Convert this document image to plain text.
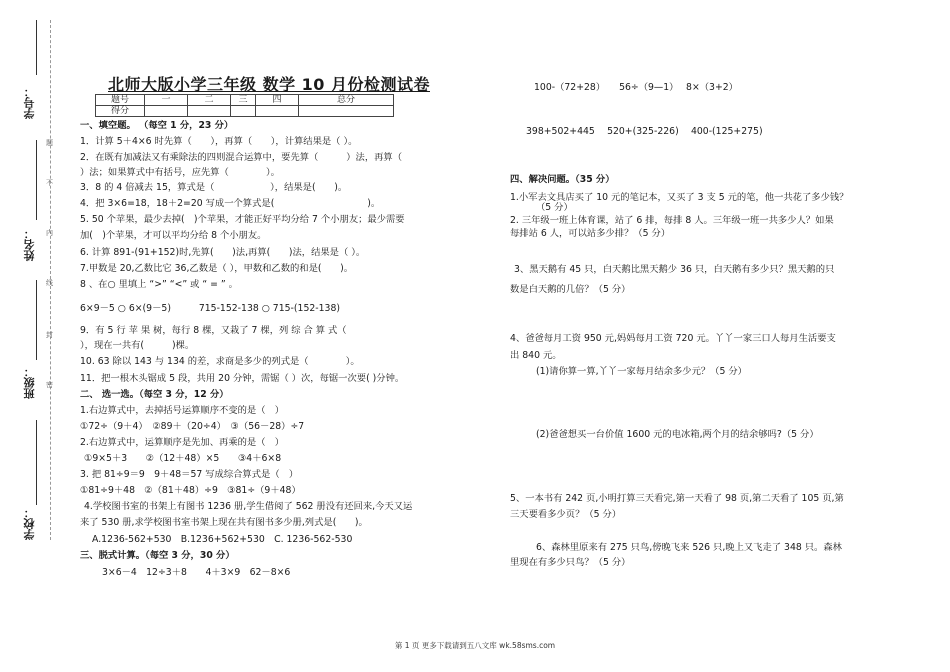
学号：
姓名：
班级：
学校：
题
不
内
线
封
密
北师大版小学三年级 数学 10 月份检测试卷
题号	一	二	三	四	总分
得分					
一、填空题。 （每空 1 分，23 分）
1．计算 5＋4×6 时先算（　　），再算（　　），计算结果是（ ）。
2．在既有加减法又有乘除法的四则混合运算中，要先算（　　　）法，再算（
）法；如果算式中有括号，应先算（　　　　）。
3．8 的 4 倍减去 15，算式是（　　　　　　），结果是(　　)。
4．把 3×6=18，18＋2=20 写成一个算式是(　　　　　　　　　　)。
5. 50 个苹果，最少去掉(　)个苹果，才能正好平均分给 7 个小朋友；最少需要
加(　)个苹果，才可以平均分给 8 个小朋友。
6. 计算 891-(91+152)时,先算(　　)法,再算(　　)法，结果是（ ）。
7.甲数是 20,乙数比它 36,乙数是（ ），甲数和乙数的和是(　　)。
8 、在○ 里填上 “>” “<” 或 “ = ” 。
6×9－5 ○ 6×(9－5)　　　715-152-138 ○ 715-(152-138)
9．有 5 行 苹 果 树，每行 8 棵，又栽了 7 棵，列 综 合 算 式（
），现在一共有(　　　)棵。
10. 63 除以 143 与 134 的差，求商是多少的列式是（　　　　）。
11．把一根木头锯成 5 段，共用 20 分钟，需锯（ ）次，每锯一次要( )分钟。
二、 选一选。（每空 3 分，12 分）
1.右边算式中，去掉括号运算顺序不变的是（　）
①72÷（9＋4）　②89＋（20÷4）　③（56－28）÷7
2.右边算式中，运算顺序是先加、再乘的是（　）
①9×5＋3　　②（12＋48）×5　　③4＋6×8
3. 把 81÷9＝9　9＋48＝57 写成综合算式是（　）
①81÷9＋48　②（81＋48）÷9　③81÷（9＋48）
4.学校图书室的书架上有图书 1236 册,学生借阅了 562 册没有还回来,今天又运
来了 530 册,求学校图书室书架上现在共有图书多少册,列式是(　　)。
A.1236-562+530　B.1236+562+530　C. 1236-562-530
三、脱式计算。（每空 3 分，30 分）
3×6－4　12÷3＋8　　4＋3×9　62－8×6
100-（72+28）　　56÷（9—1）　 8×（3+2）
398+502+445　 520+(325-226)　 400-(125+275)
四、解决问题。（35 分）
1.小军去文具店买了 10 元的笔记本，又买了 3 支 5 元的笔，他一共花了多少钱？
（5 分）
2. 三年级一班上体育课，站了 6 排，每排 8 人。三年级一班一共多少人？如果
每排站 6 人，可以站多少排？（5 分）
3、黑天鹅有 45 只，白天鹅比黑天鹅少 36 只，白天鹅有多少只？黑天鹅的只
数是白天鹅的几倍？（5 分）
4、爸爸每月工资 950 元,妈妈每月工资 720 元。丫丫一家三口人每月生活要支
出 840 元。
(1)请你算一算,丫丫一家每月结余多少元？（5 分）
(2)爸爸想买一台价值 1600 元的电冰箱,两个月的结余够吗?（5 分）
5、一本书有 242 页,小明打算三天看完,第一天看了 98 页,第二天看了 105 页,第
三天要看多少页？（5 分）
6、森林里原来有 275 只鸟,傍晚飞来 526 只,晚上又飞走了 348 只。森林
里现在有多少只鸟？（5 分）
第 1 页 更多下载请到五八文库 wk.58sms.com
